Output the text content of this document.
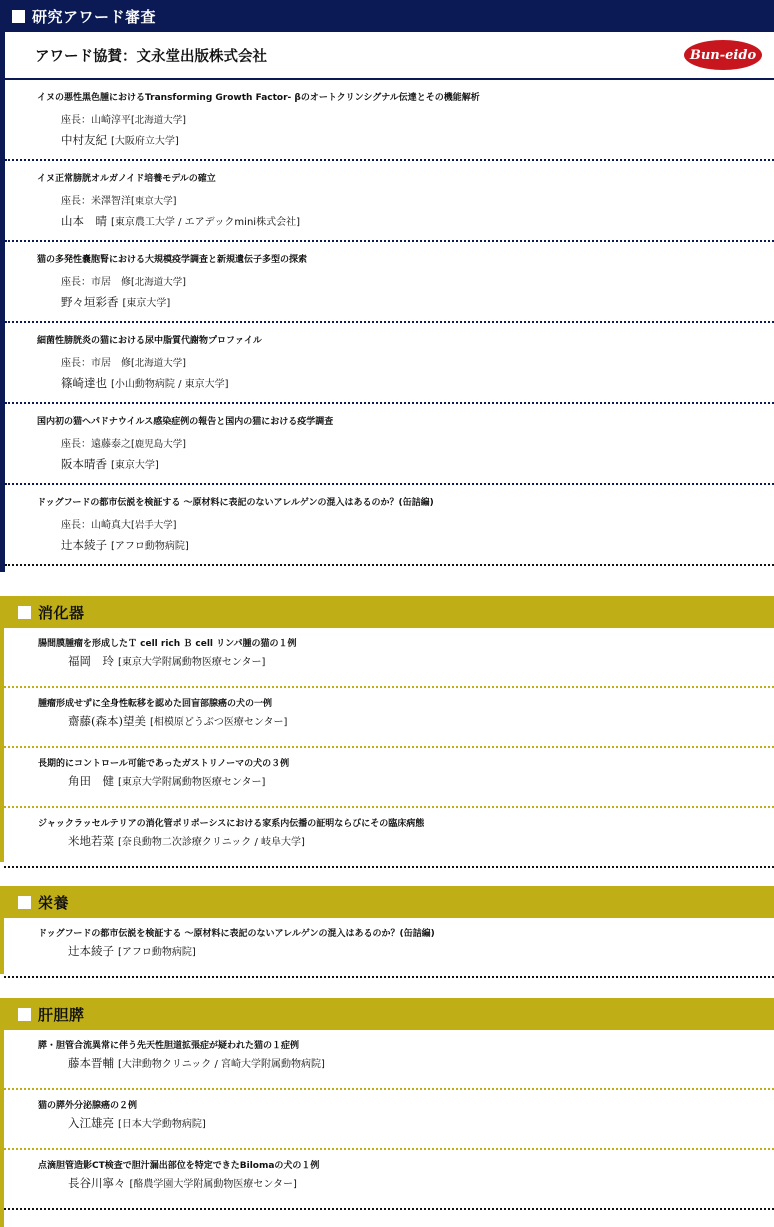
研究アワード審査
アワード協賛：文永堂出版株式会社	Bun-eido
イヌの悪性黒色腫におけるTransforming Growth Factor- βのオートクリンシグナル伝達とその機能解析
座長：山崎淳平[北海道大学]
中村友紀 [大阪府立大学]
イヌ正常膀胱オルガノイド培養モデルの確立
座長：米澤智洋[東京大学]
山本　晴 [東京農工大学 / エアデックmini株式会社]
猫の多発性嚢胞腎における大規模疫学調査と新規遺伝子多型の探索
座長：市居　修[北海道大学]
野々垣彩香 [東京大学]
細菌性膀胱炎の猫における尿中脂質代謝物プロファイル
座長：市居　修[北海道大学]
篠崎達也 [小山動物病院 / 東京大学]
国内初の猫ヘパドナウイルス感染症例の報告と国内の猫における疫学調査
座長：遠藤泰之[鹿児島大学]
阪本晴香 [東京大学]
ドッグフードの都市伝説を検証する ～原材料に表記のないアレルゲンの混入はあるのか？(缶詰編)
座長：山崎真大[岩手大学]
辻本綾子 [アフロ動物病院]
消化器
腸間膜腫瘤を形成したＴ cell rich Ｂ cell リンパ腫の猫の１例
福岡　玲 [東京大学附属動物医療センター]
腫瘤形成せずに全身性転移を認めた回盲部腺癌の犬の一例
齋藤(森本)望美 [相模原どうぶつ医療センター]
長期的にコントロール可能であったガストリノーマの犬の３例
角田　健 [東京大学附属動物医療センター]
ジャックラッセルテリアの消化管ポリポーシスにおける家系内伝播の証明ならびにその臨床病態
米地若菜 [奈良動物二次診療クリニック / 岐阜大学]
栄養
ドッグフードの都市伝説を検証する ～原材料に表記のないアレルゲンの混入はあるのか？(缶詰編)
辻本綾子 [アフロ動物病院]
肝胆膵
膵・胆管合流異常に伴う先天性胆道拡張症が疑われた猫の１症例
藤本晋輔 [大津動物クリニック / 宮崎大学附属動物病院]
猫の膵外分泌腺癌の２例
入江雄亮 [日本大学動物病院]
点滴胆管造影CT検査で胆汁漏出部位を特定できたBilomaの犬の１例
長谷川寧々 [酪農学園大学附属動物医療センター]
